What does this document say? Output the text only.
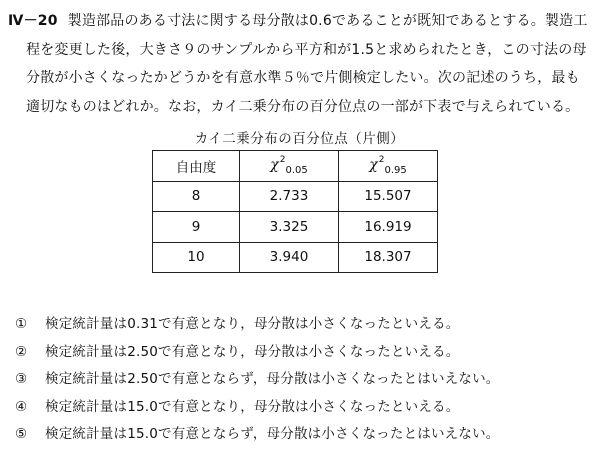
Ⅳ－20 製造部品のある寸法に関する母分散は0.6であることが既知であるとする。製造工
程を変更した後，大きさ９のサンプルから平方和が1.5と求められたとき，この寸法の母
分散が小さくなったかどうかを有意水準５％で片側検定したい。次の記述のうち，最も
適切なものはどれか。なお，カイ二乗分布の百分位点の一部が下表で与えられている。
カイ二乗分布の百分位点（片側）
自由度	$\chi^2_{0.05}$	$\chi^2_{0.95}$
8	2.733	15.507
9	3.325	16.919
10	3.940	18.307
① 検定統計量は0.31で有意となり，母分散は小さくなったといえる。
② 検定統計量は2.50で有意となり，母分散は小さくなったといえる。
③ 検定統計量は2.50で有意とならず，母分散は小さくなったとはいえない。
④ 検定統計量は15.0で有意となり，母分散は小さくなったといえる。
⑤ 検定統計量は15.0で有意とならず，母分散は小さくなったとはいえない。
